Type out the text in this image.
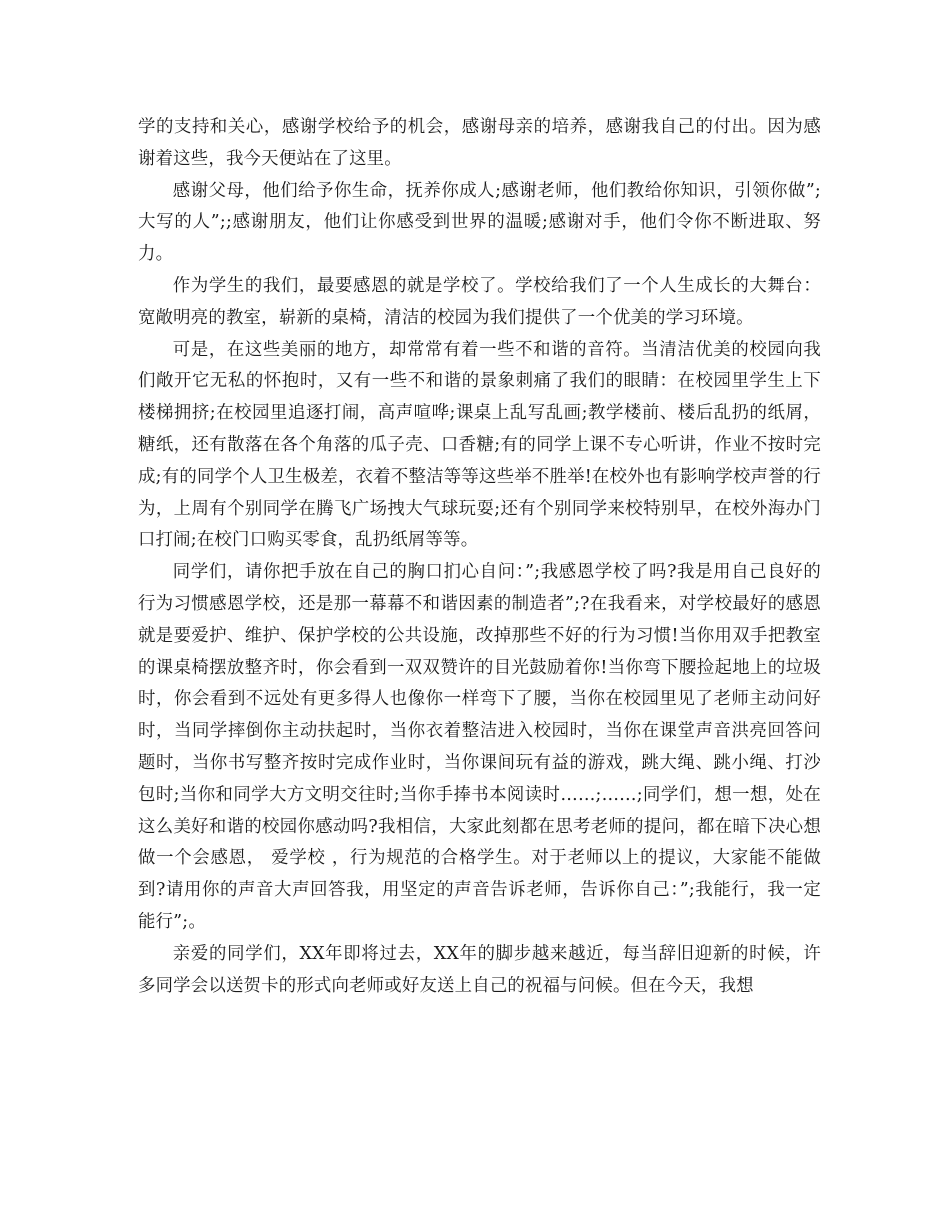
学的支持和关心，感谢学校给予的机会，感谢母亲的培养，感谢我自己的付出。因为感谢着这些，我今天便站在了这里。

感谢父母，他们给予你生命，抚养你成人;感谢老师，他们教给你知识，引领你做”;大写的人”;;感谢朋友，他们让你感受到世界的温暖;感谢对手，他们令你不断进取、努力。

作为学生的我们，最要感恩的就是学校了。学校给我们了一个人生成长的大舞台：宽敞明亮的教室，崭新的桌椅，清洁的校园为我们提供了一个优美的学习环境。

可是，在这些美丽的地方，却常常有着一些不和谐的音符。当清洁优美的校园向我们敞开它无私的怀抱时，又有一些不和谐的景象刺痛了我们的眼睛：在校园里学生上下楼梯拥挤;在校园里追逐打闹，高声喧哗;课桌上乱写乱画;教学楼前、楼后乱扔的纸屑，糖纸，还有散落在各个角落的瓜子壳、口香糖;有的同学上课不专心听讲，作业不按时完成;有的同学个人卫生极差，衣着不整洁等等这些举不胜举!在校外也有影响学校声誉的行为，上周有个别同学在腾飞广场拽大气球玩耍;还有个别同学来校特别早，在校外海办门口打闹;在校门口购买零食，乱扔纸屑等等。

同学们，请你把手放在自己的胸口扪心自问：”;我感恩学校了吗?我是用自己良好的行为习惯感恩学校，还是那一幕幕不和谐因素的制造者”;?在我看来，对学校最好的感恩就是要爱护、维护、保护学校的公共设施，改掉那些不好的行为习惯!当你用双手把教室的课桌椅摆放整齐时，你会看到一双双赞许的目光鼓励着你!当你弯下腰捡起地上的垃圾时，你会看到不远处有更多得人也像你一样弯下了腰，当你在校园里见了老师主动问好时，当同学摔倒你主动扶起时，当你衣着整洁进入校园时，当你在课堂声音洪亮回答问题时，当你书写整齐按时完成作业时，当你课间玩有益的游戏，跳大绳、跳小绳、打沙包时;当你和同学大方文明交往时;当你手捧书本阅读时……;……;同学们，想一想，处在这么美好和谐的校园你感动吗?我相信，大家此刻都在思考老师的提问，都在暗下决心想做一个会感恩， 爱学校 ，行为规范的合格学生。对于老师以上的提议，大家能不能做到?请用你的声音大声回答我，用坚定的声音告诉老师，告诉你自己：”;我能行，我一定能行”;。

亲爱的同学们，XX年即将过去，XX年的脚步越来越近，每当辞旧迎新的时候，许多同学会以送贺卡的形式向老师或好友送上自己的祝福与问候。但在今天，我想
